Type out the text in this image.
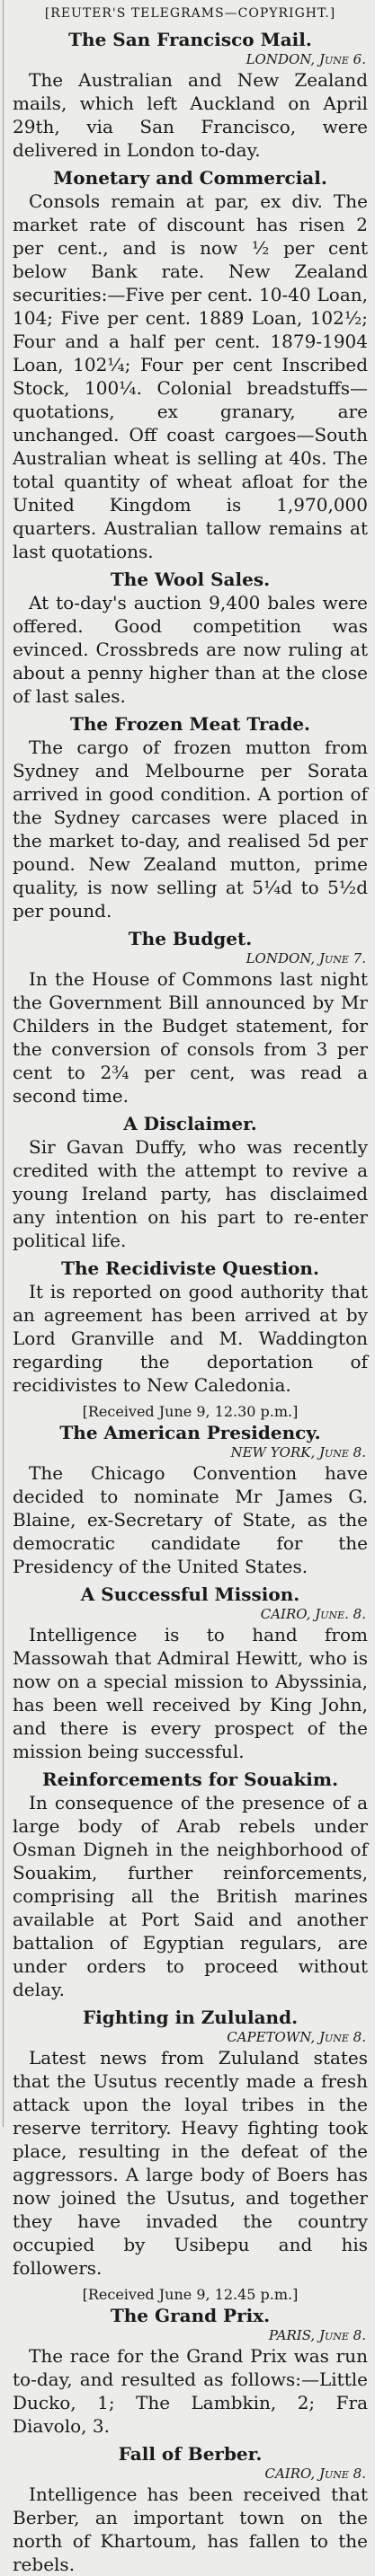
[REUTER'S TELEGRAMS—COPYRIGHT.]
The San Francisco Mail.
LONDON, June 6.

The Australian and New Zealand mails, which left Auckland on April 29th, via San Francisco, were delivered in London to-day.

Monetary and Commercial.

Consols remain at par, ex div. The market rate of discount has risen 2 per cent., and is now ½ per cent below Bank rate. New Zealand securities:—Five per cent. 10-40 Loan, 104; Five per cent. 1889 Loan, 102½; Four and a half per cent. 1879-1904 Loan, 102¼; Four per cent Inscribed Stock, 100¼. Colonial breadstuffs—quotations, ex granary, are unchanged. Off coast cargoes—South Australian wheat is selling at 40s. The total quantity of wheat afloat for the United Kingdom is 1,970,000 quarters. Australian tallow remains at last quotations.

The Wool Sales.

At to-day's auction 9,400 bales were offered. Good competition was evinced. Crossbreds are now ruling at about a penny higher than at the close of last sales.

The Frozen Meat Trade.

The cargo of frozen mutton from Sydney and Melbourne per Sorata arrived in good condition. A portion of the Sydney carcases were placed in the market to-day, and realised 5d per pound. New Zealand mutton, prime quality, is now selling at 5¼d to 5½d per pound.

The Budget.
LONDON, June 7.

In the House of Commons last night the Government Bill announced by Mr Childers in the Budget statement, for the conversion of consols from 3 per cent to 2¾ per cent, was read a second time.

A Disclaimer.

Sir Gavan Duffy, who was recently credited with the attempt to revive a young Ireland party, has disclaimed any intention on his part to re-enter political life.

The Recidiviste Question.

It is reported on good authority that an agreement has been arrived at by Lord Granville and M. Waddington regarding the deportation of recidivistes to New Caledonia.

[Received June 9, 12.30 p.m.]
The American Presidency.
NEW YORK, June 8.

The Chicago Convention have decided to nominate Mr James G. Blaine, ex-Secretary of State, as the democratic candidate for the Presidency of the United States.

A Successful Mission.
CAIRO, June. 8.

Intelligence is to hand from Massowah that Admiral Hewitt, who is now on a special mission to Abyssinia, has been well received by King John, and there is every prospect of the mission being successful.

Reinforcements for Souakim.

In consequence of the presence of a large body of Arab rebels under Osman Digneh in the neighborhood of Souakim, further reinforcements, comprising all the British marines available at Port Said and another battalion of Egyptian regulars, are under orders to proceed without delay.

Fighting in Zululand.
CAPETOWN, June 8.

Latest news from Zululand states that the Usutus recently made a fresh attack upon the loyal tribes in the reserve territory. Heavy fighting took place, resulting in the defeat of the aggressors. A large body of Boers has now joined the Usutus, and together they have invaded the country occupied by Usibepu and his followers.

[Received June 9, 12.45 p.m.]
The Grand Prix.
PARIS, June 8.

The race for the Grand Prix was run to-day, and resulted as follows:—Little Ducko, 1; The Lambkin, 2; Fra Diavolo, 3.

Fall of Berber.
CAIRO, June 8.

Intelligence has been received that Berber, an important town on the north of Khartoum, has fallen to the rebels.
